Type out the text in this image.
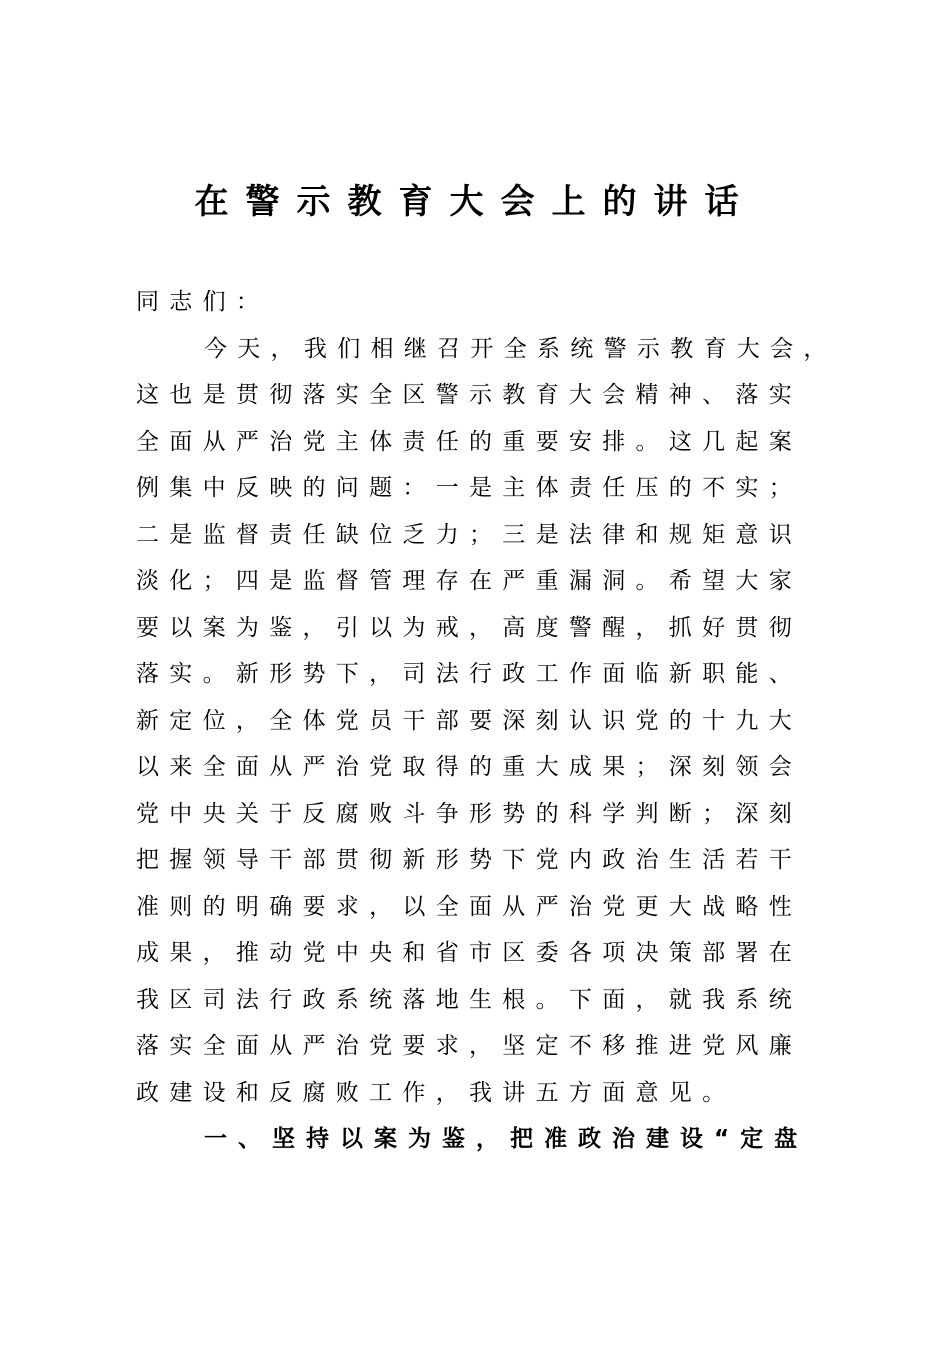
在警示教育大会上的讲话
同志们：
今天，我们相继召开全系统警示教育大会，
这也是贯彻落实全区警示教育大会精神、落实
全面从严治党主体责任的重要安排。这几起案
例集中反映的问题：一是主体责任压的不实；
二是监督责任缺位乏力；三是法律和规矩意识
淡化；四是监督管理存在严重漏洞。希望大家
要以案为鉴，引以为戒，高度警醒，抓好贯彻
落实。新形势下，司法行政工作面临新职能、
新定位，全体党员干部要深刻认识党的十九大
以来全面从严治党取得的重大成果；深刻领会
党中央关于反腐败斗争形势的科学判断；深刻
把握领导干部贯彻新形势下党内政治生活若干
准则的明确要求，以全面从严治党更大战略性
成果，推动党中央和省市区委各项决策部署在
我区司法行政系统落地生根。下面，就我系统
落实全面从严治党要求，坚定不移推进党风廉
政建设和反腐败工作，我讲五方面意见。
一、坚持以案为鉴，把准政治建设“定盘
